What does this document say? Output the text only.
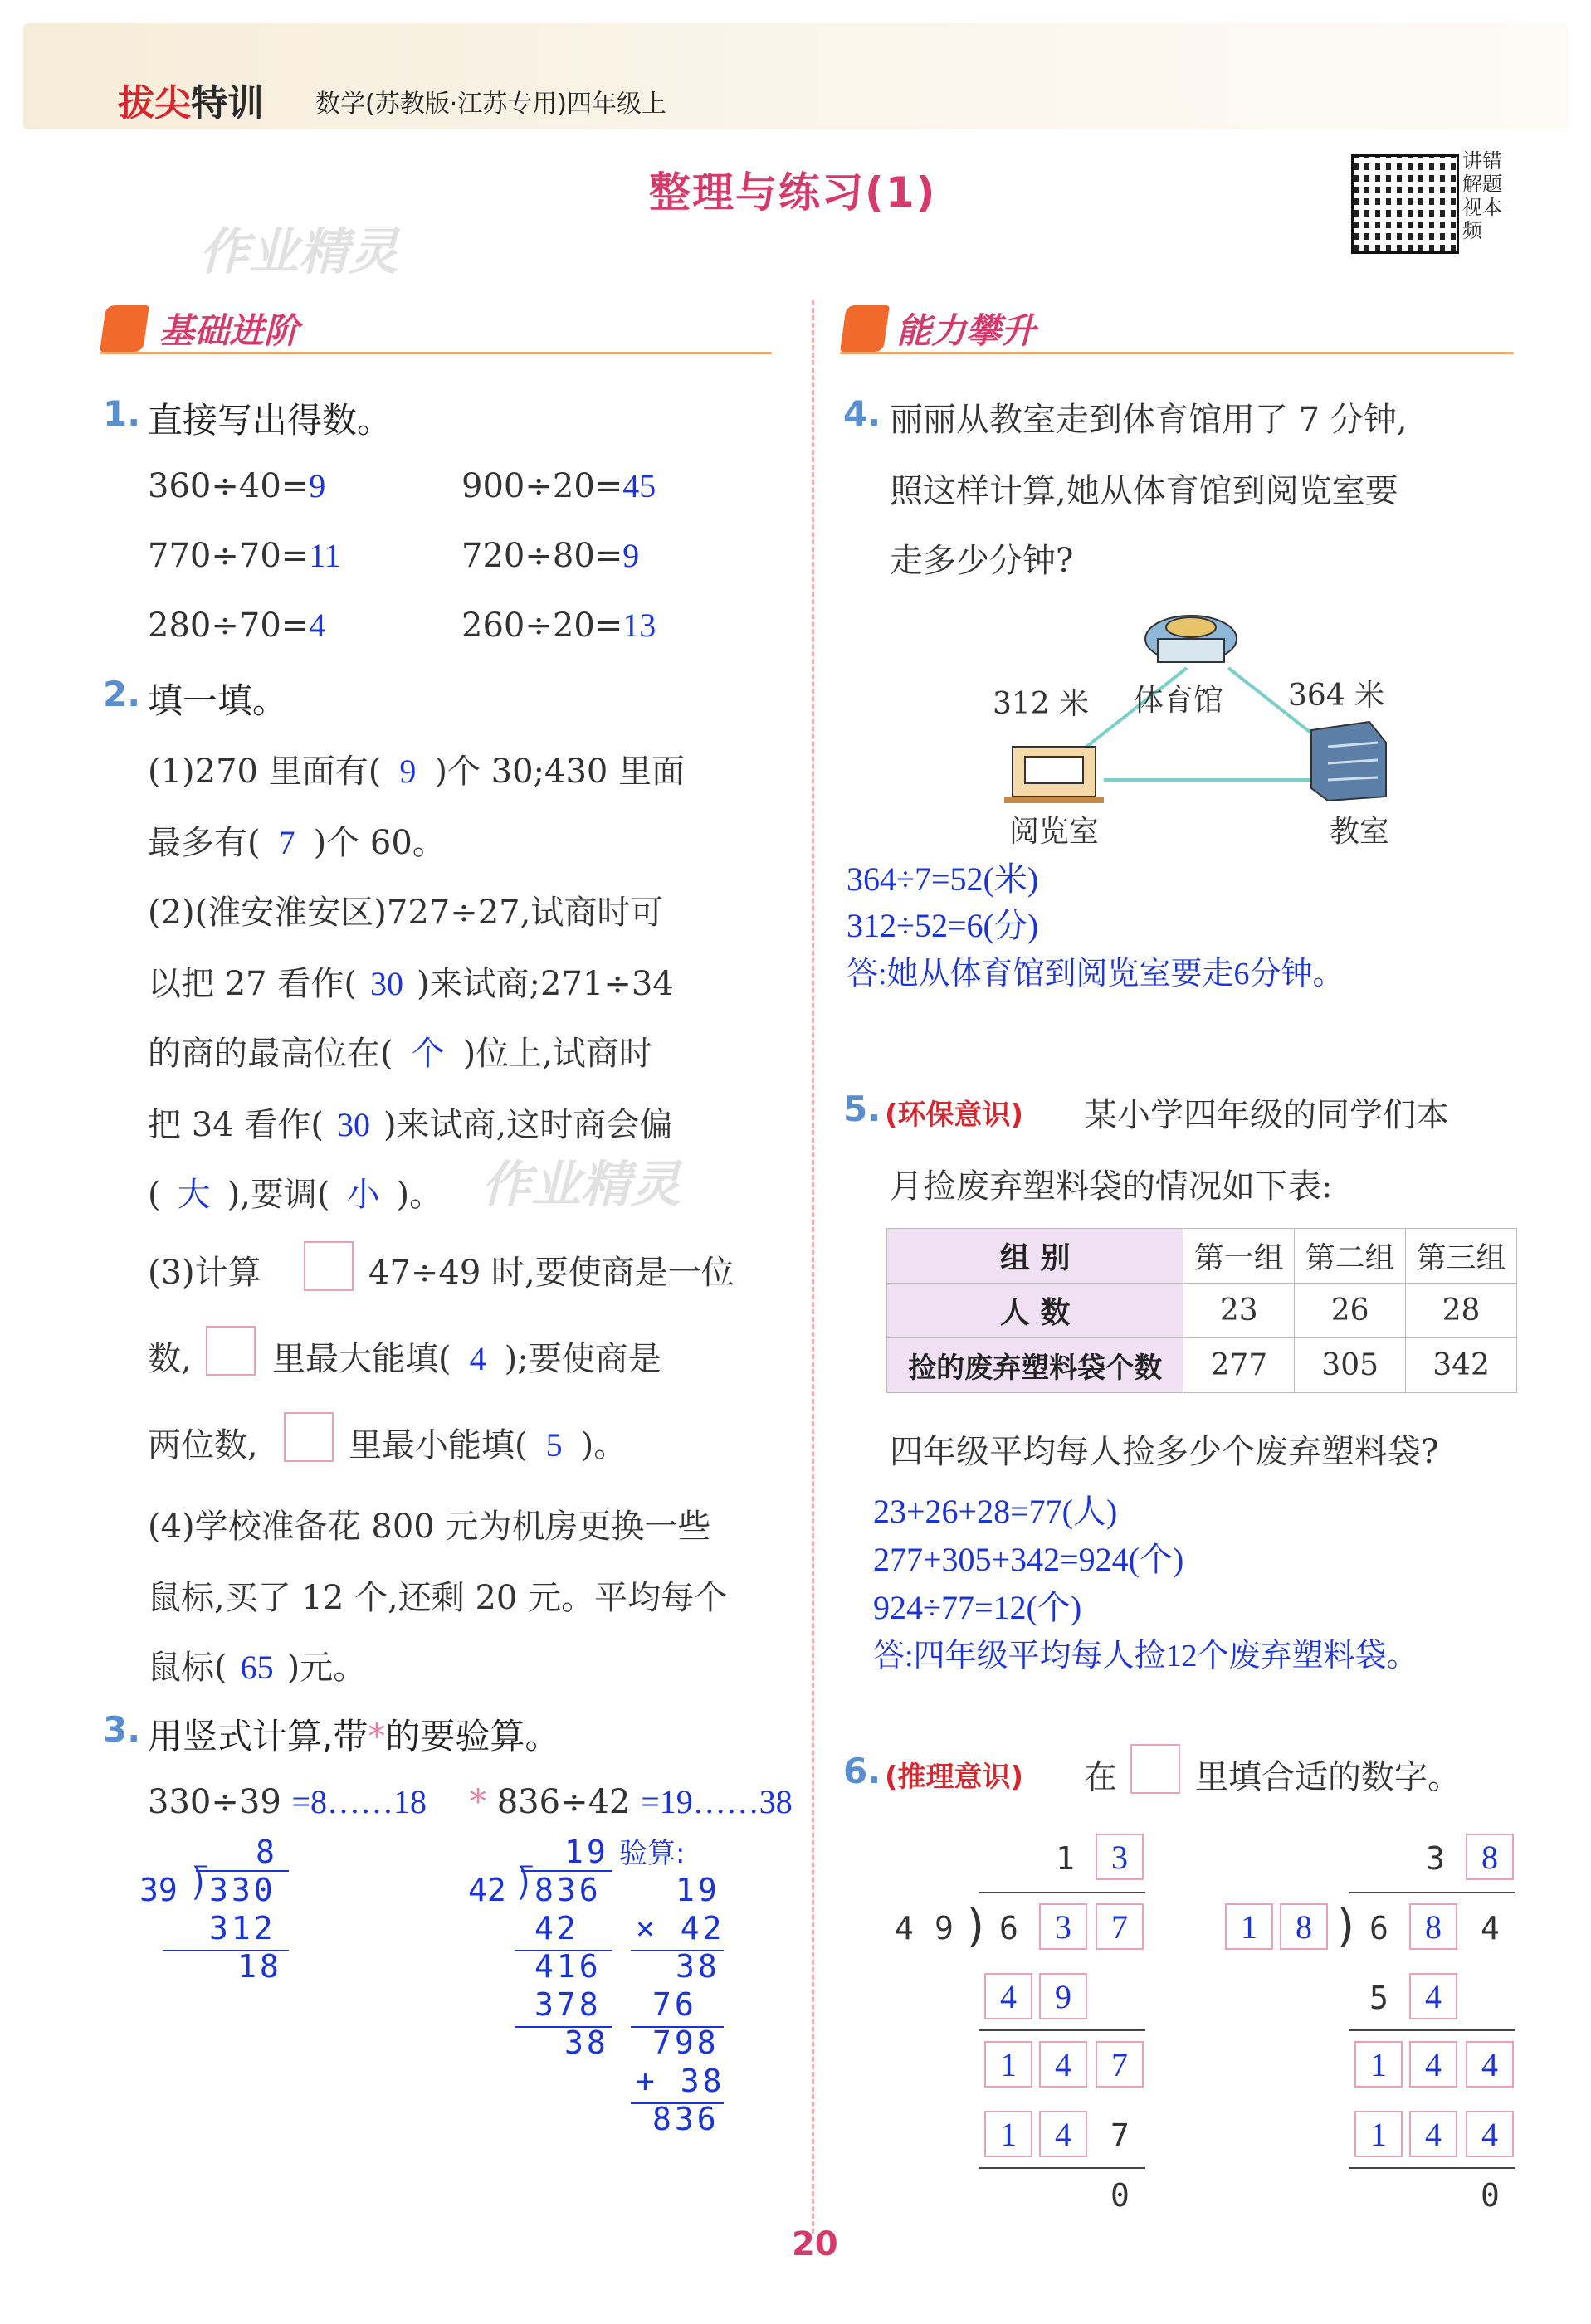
拔尖特训 数学(苏教版·江苏专用)四年级上
整理与练习(1)
讲错解题视本频
作业精灵
基础进阶	能力攀升
1. 直接写出得数。
360÷40=9	900÷20=45
770÷70=11	720÷80=9
280÷70=4	260÷20=13
2. 填一填。
(1)270 里面有( 9 )个 30;430 里面
最多有( 7 )个 60。
(2)(淮安淮安区)727÷27,试商时可
以把 27 看作( 30 )来试商;271÷34
的商的最高位在( 个 )位上,试商时
把 34 看作( 30 )来试商,这时商会偏
( 大 ),要调( 小 )。 作业精灵
(3)计算	47÷49 时,要使商是一位
数, 里最大能填( 4 );要使商是
两位数,	里最小能填( 5 )。
(4)学校准备花 800 元为机房更换一些
鼠标,买了 12 个,还剩 20 元。平均每个
鼠标( 65 )元。
3. 用竖式计算,带*的要验算。
330÷39 =8……18 * 836÷42 =19……38
8
39 330
⟌
312
18
19 验算:
42 836
⟌
42
416
378
38
19
× 42
38
76
798
+ 38
836
4. 丽丽从教室走到体育馆用了 7 分钟,
照这样计算,她从体育馆到阅览室要
走多少分钟?
体育馆
312 米	364 米
阅览室	教室
364÷7=52(米)
312÷52=6(分)
答:她从体育馆到阅览室要走6分钟。
5. (环保意识) 某小学四年级的同学们本
月捡废弃塑料袋的情况如下表:
组 别	第一组	第二组	第三组
人 数	23	26	28
捡的废弃塑料袋个数	277	305	342
四年级平均每人捡多少个废弃塑料袋?
23+26+28=77(人)
277+305+342=924(个)
924÷77=12(个)
答:四年级平均每人捡12个废弃塑料袋。
6. (推理意识) 在 里填合适的数字。
1	3
4 9 ) 6	3	7
4	9
1	4	7
1	4	7
0
3	8
1	8 ) 6	8	4
5	4
1	4	4
1	4	4
0
20
